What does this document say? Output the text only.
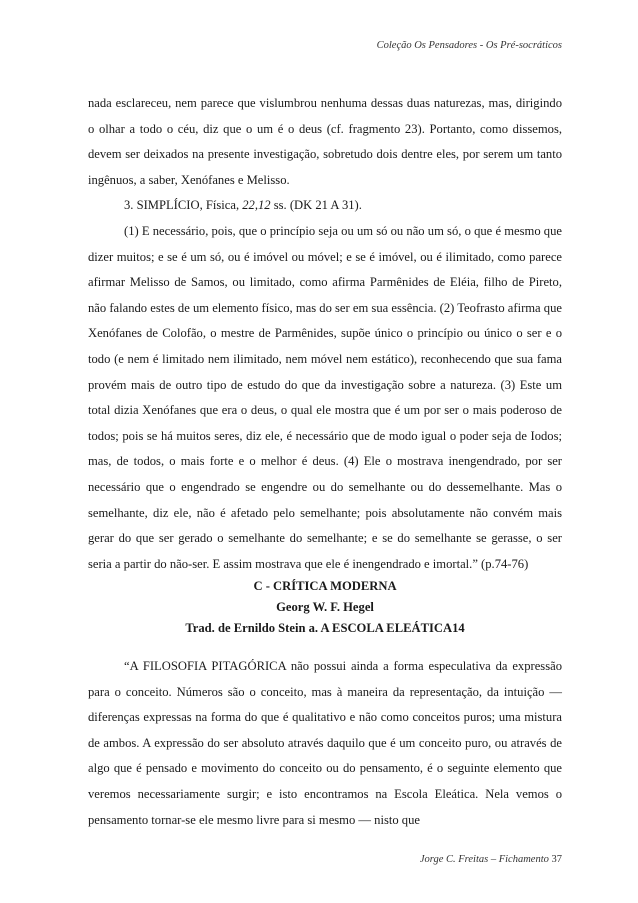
Coleção Os Pensadores - Os Pré-socráticos

nada esclareceu, nem parece que vislumbrou nenhuma dessas duas naturezas, mas, dirigindo o olhar a todo o céu, diz que o um é o deus (cf. fragmento 23). Portanto, como dissemos, devem ser deixados na presente investigação, sobretudo dois dentre eles, por serem um tanto ingênuos, a saber, Xenófanes e Melisso.

3. SIMPLÍCIO, Física, 22,12 ss. (DK 21 A 31).

(1) E necessário, pois, que o princípio seja ou um só ou não um só, o que é mesmo que dizer muitos; e se é um só, ou é imóvel ou móvel; e se é imóvel, ou é ilimitado, como parece afirmar Melisso de Samos, ou limitado, como afirma Parmênides de Eléia, filho de Pireto, não falando estes de um elemento físico, mas do ser em sua essência. (2) Teofrasto afirma que Xenófanes de Colofão, o mestre de Parmênides, supõe único o princípio ou único o ser e o todo (e nem é limitado nem ilimitado, nem móvel nem estático), reconhecendo que sua fama provém mais de outro tipo de estudo do que da investigação sobre a natureza. (3) Este um total dizia Xenófanes que era o deus, o qual ele mostra que é um por ser o mais poderoso de todos; pois se há muitos seres, diz ele, é necessário que de modo igual o poder seja de Iodos; mas, de todos, o mais forte e o melhor é deus. (4) Ele o mostrava inengendrado, por ser necessário que o engendrado se engendre ou do semelhante ou do dessemelhante. Mas o semelhante, diz ele, não é afetado pelo semelhante; pois absolutamente não convém mais gerar do que ser gerado o semelhante do semelhante; e se do semelhante se gerasse, o ser seria a partir do não-ser. E assim mostrava que ele é inengendrado e imortal.” (p.74-76)

C - CRÍTICA MODERNA
Georg W. F. Hegel
Trad. de Ernildo Stein a. A ESCOLA ELEÁTICA14

“A FILOSOFIA PITAGÓRICA não possui ainda a forma especulativa da expressão para o conceito. Números são o conceito, mas à maneira da representação, da intuição — diferenças expressas na forma do que é qualitativo e não como conceitos puros; uma mistura de ambos. A expressão do ser absoluto através daquilo que é um conceito puro, ou através de algo que é pensado e movimento do conceito ou do pensamento, é o seguinte elemento que veremos necessariamente surgir; e isto encontramos na Escola Eleática. Nela vemos o pensamento tornar-se ele mesmo livre para si mesmo — nisto que

Jorge C. Freitas – Fichamento 37
